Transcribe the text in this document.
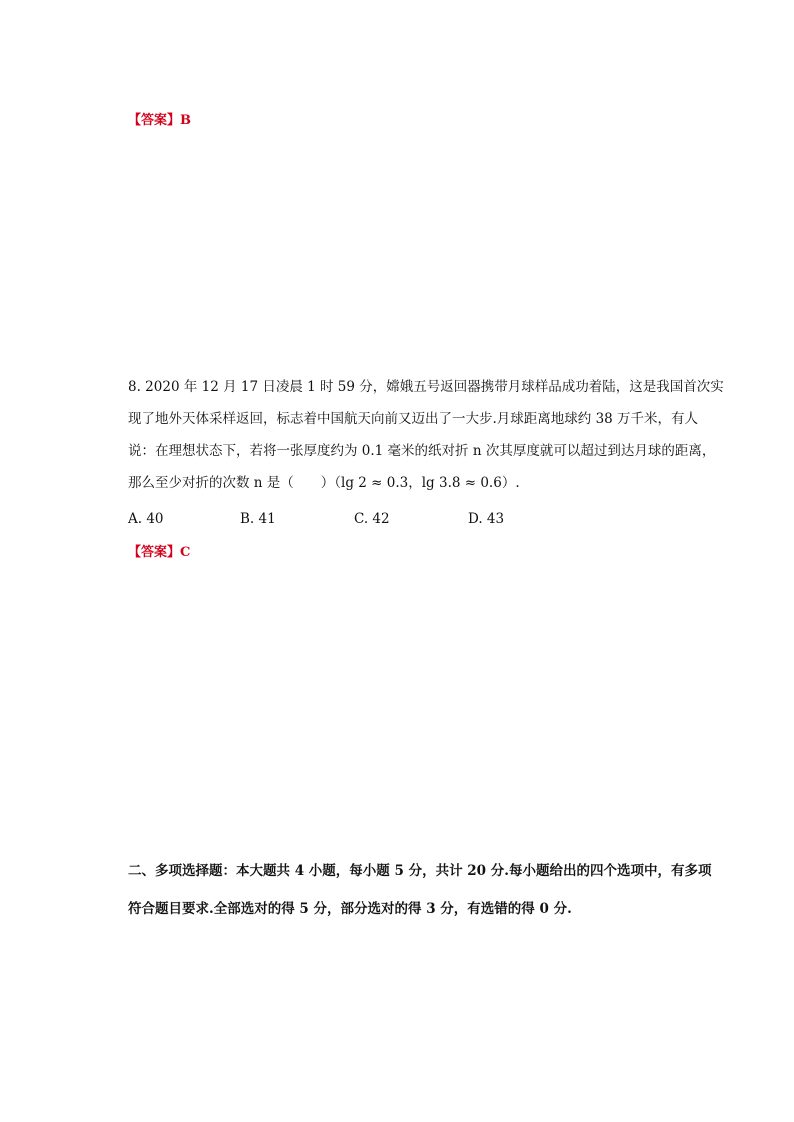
【答案】B
8. 2020 年 12 月 17 日凌晨 1 时 59 分，嫦娥五号返回器携带月球样品成功着陆，这是我国首次实
现了地外天体采样返回，标志着中国航天向前又迈出了一大步.月球距离地球约 38 万千米，有人
说：在理想状态下，若将一张厚度约为 0.1 毫米的纸对折 n 次其厚度就可以超过到达月球的距离，
那么至少对折的次数 n 是（　　）（lg 2 ≈ 0.3，lg 3.8 ≈ 0.6）.
A. 40	B. 41	C. 42	D. 43
【答案】C
二、多项选择题：本大题共 4 小题，每小题 5 分，共计 20 分.每小题给出的四个选项中，有多项
符合题目要求.全部选对的得 5 分，部分选对的得 3 分，有选错的得 0 分.
